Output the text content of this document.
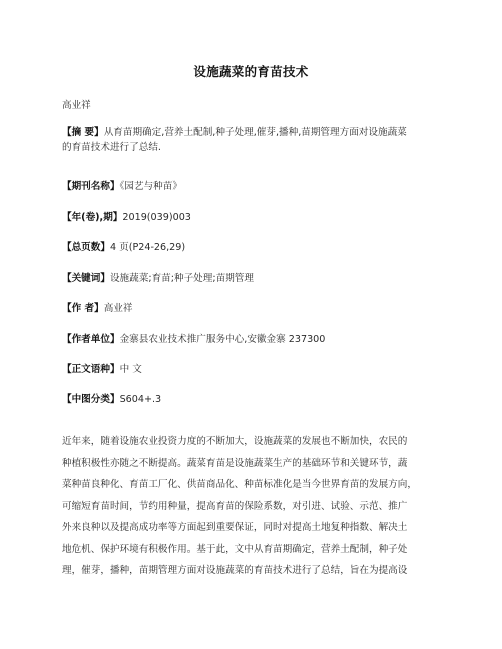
设施蔬菜的育苗技术
高业祥
【摘 要】从育苗期确定,营养土配制,种子处理,催芽,播种,苗期管理方面对设施蔬菜
的育苗技术进行了总结.
【期刊名称】《园艺与种苗》
【年(卷),期】2019(039)003
【总页数】4 页(P24-26,29)
【关键词】设施蔬菜;育苗;种子处理;苗期管理
【作 者】高业祥
【作者单位】金寨县农业技术推广服务中心,安徽金寨 237300
【正文语种】中 文
【中图分类】S604+.3
近年来，随着设施农业投资力度的不断加大，设施蔬菜的发展也不断加快，农民的
种植积极性亦随之不断提高。蔬菜育苗是设施蔬菜生产的基础环节和关键环节，蔬
菜种苗良种化、育苗工厂化、供苗商品化、种苗标准化是当今世界育苗的发展方向，
可缩短育苗时间，节约用种量，提高育苗的保险系数，对引进、试验、示范、推广
外来良种以及提高成功率等方面起到重要保证，同时对提高土地复种指数、解决土
地危机、保护环境有积极作用。基于此，文中从育苗期确定，营养土配制，种子处
理，催芽，播种，苗期管理方面对设施蔬菜的育苗技术进行了总结，旨在为提高设
